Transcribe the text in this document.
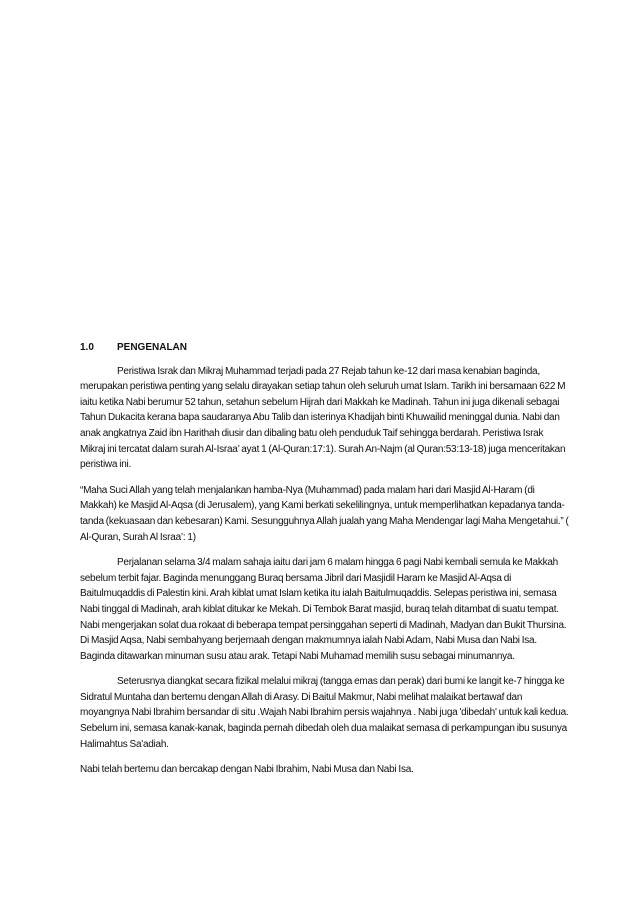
1.0	PENGENALAN

Peristiwa Israk dan Mikraj Muhammad terjadi pada 27 Rejab tahun ke-12 dari masa kenabian baginda, merupakan peristiwa penting yang selalu dirayakan setiap tahun oleh seluruh umat Islam. Tarikh ini bersamaan 622 M iaitu ketika Nabi berumur 52 tahun, setahun sebelum Hijrah dari Makkah ke Madinah. Tahun ini juga dikenali sebagai Tahun Dukacita kerana bapa saudaranya Abu Talib dan isterinya Khadijah binti Khuwailid meninggal dunia. Nabi dan anak angkatnya Zaid ibn Harithah diusir dan dibaling batu oleh penduduk Taif sehingga berdarah. Peristiwa Israk Mikraj ini tercatat dalam surah Al-Israa’ ayat 1 (Al-Quran:17:1). Surah An-Najm (al Quran:53:13-18) juga menceritakan peristiwa ini.

“Maha Suci Allah yang telah menjalankan hamba-Nya (Muhammad) pada malam hari dari Masjid Al-Haram (di Makkah) ke Masjid Al-Aqsa (di Jerusalem), yang Kami berkati sekelilingnya, untuk memperlihatkan kepadanya tanda-tanda (kekuasaan dan kebesaran) Kami. Sesungguhnya Allah jualah yang Maha Mendengar lagi Maha Mengetahui.” ( Al-Quran, Surah Al Israa’: 1)

Perjalanan selama 3/4 malam sahaja iaitu dari jam 6 malam hingga 6 pagi Nabi kembali semula ke Makkah sebelum terbit fajar. Baginda menunggang Buraq bersama Jibril dari Masjidil Haram ke Masjid Al-Aqsa di Baitulmuqaddis di Palestin kini. Arah kiblat umat Islam ketika itu ialah Baitulmuqaddis. Selepas peristiwa ini, semasa Nabi tinggal di Madinah, arah kiblat ditukar ke Mekah. Di Tembok Barat masjid, buraq telah ditambat di suatu tempat. Nabi mengerjakan solat dua rokaat di beberapa tempat persinggahan seperti di Madinah, Madyan dan Bukit Thursina. Di Masjid Aqsa, Nabi sembahyang berjemaah dengan makmumnya ialah Nabi Adam, Nabi Musa dan Nabi Isa. Baginda ditawarkan minuman susu atau arak. Tetapi Nabi Muhamad memilih susu sebagai minumannya.

Seterusnya diangkat secara fizikal melalui mikraj (tangga emas dan perak) dari bumi ke langit ke-7 hingga ke Sidratul Muntaha dan bertemu dengan Allah di Arasy. Di Baitul Makmur, Nabi melihat malaikat bertawaf dan moyangnya Nabi Ibrahim bersandar di situ .Wajah Nabi Ibrahim persis wajahnya . Nabi juga 'dibedah' untuk kali kedua. Sebelum ini, semasa kanak-kanak, baginda pernah dibedah oleh dua malaikat semasa di perkampungan ibu susunya Halimahtus Sa'adiah.

Nabi telah bertemu dan bercakap dengan Nabi Ibrahim, Nabi Musa dan Nabi Isa.
